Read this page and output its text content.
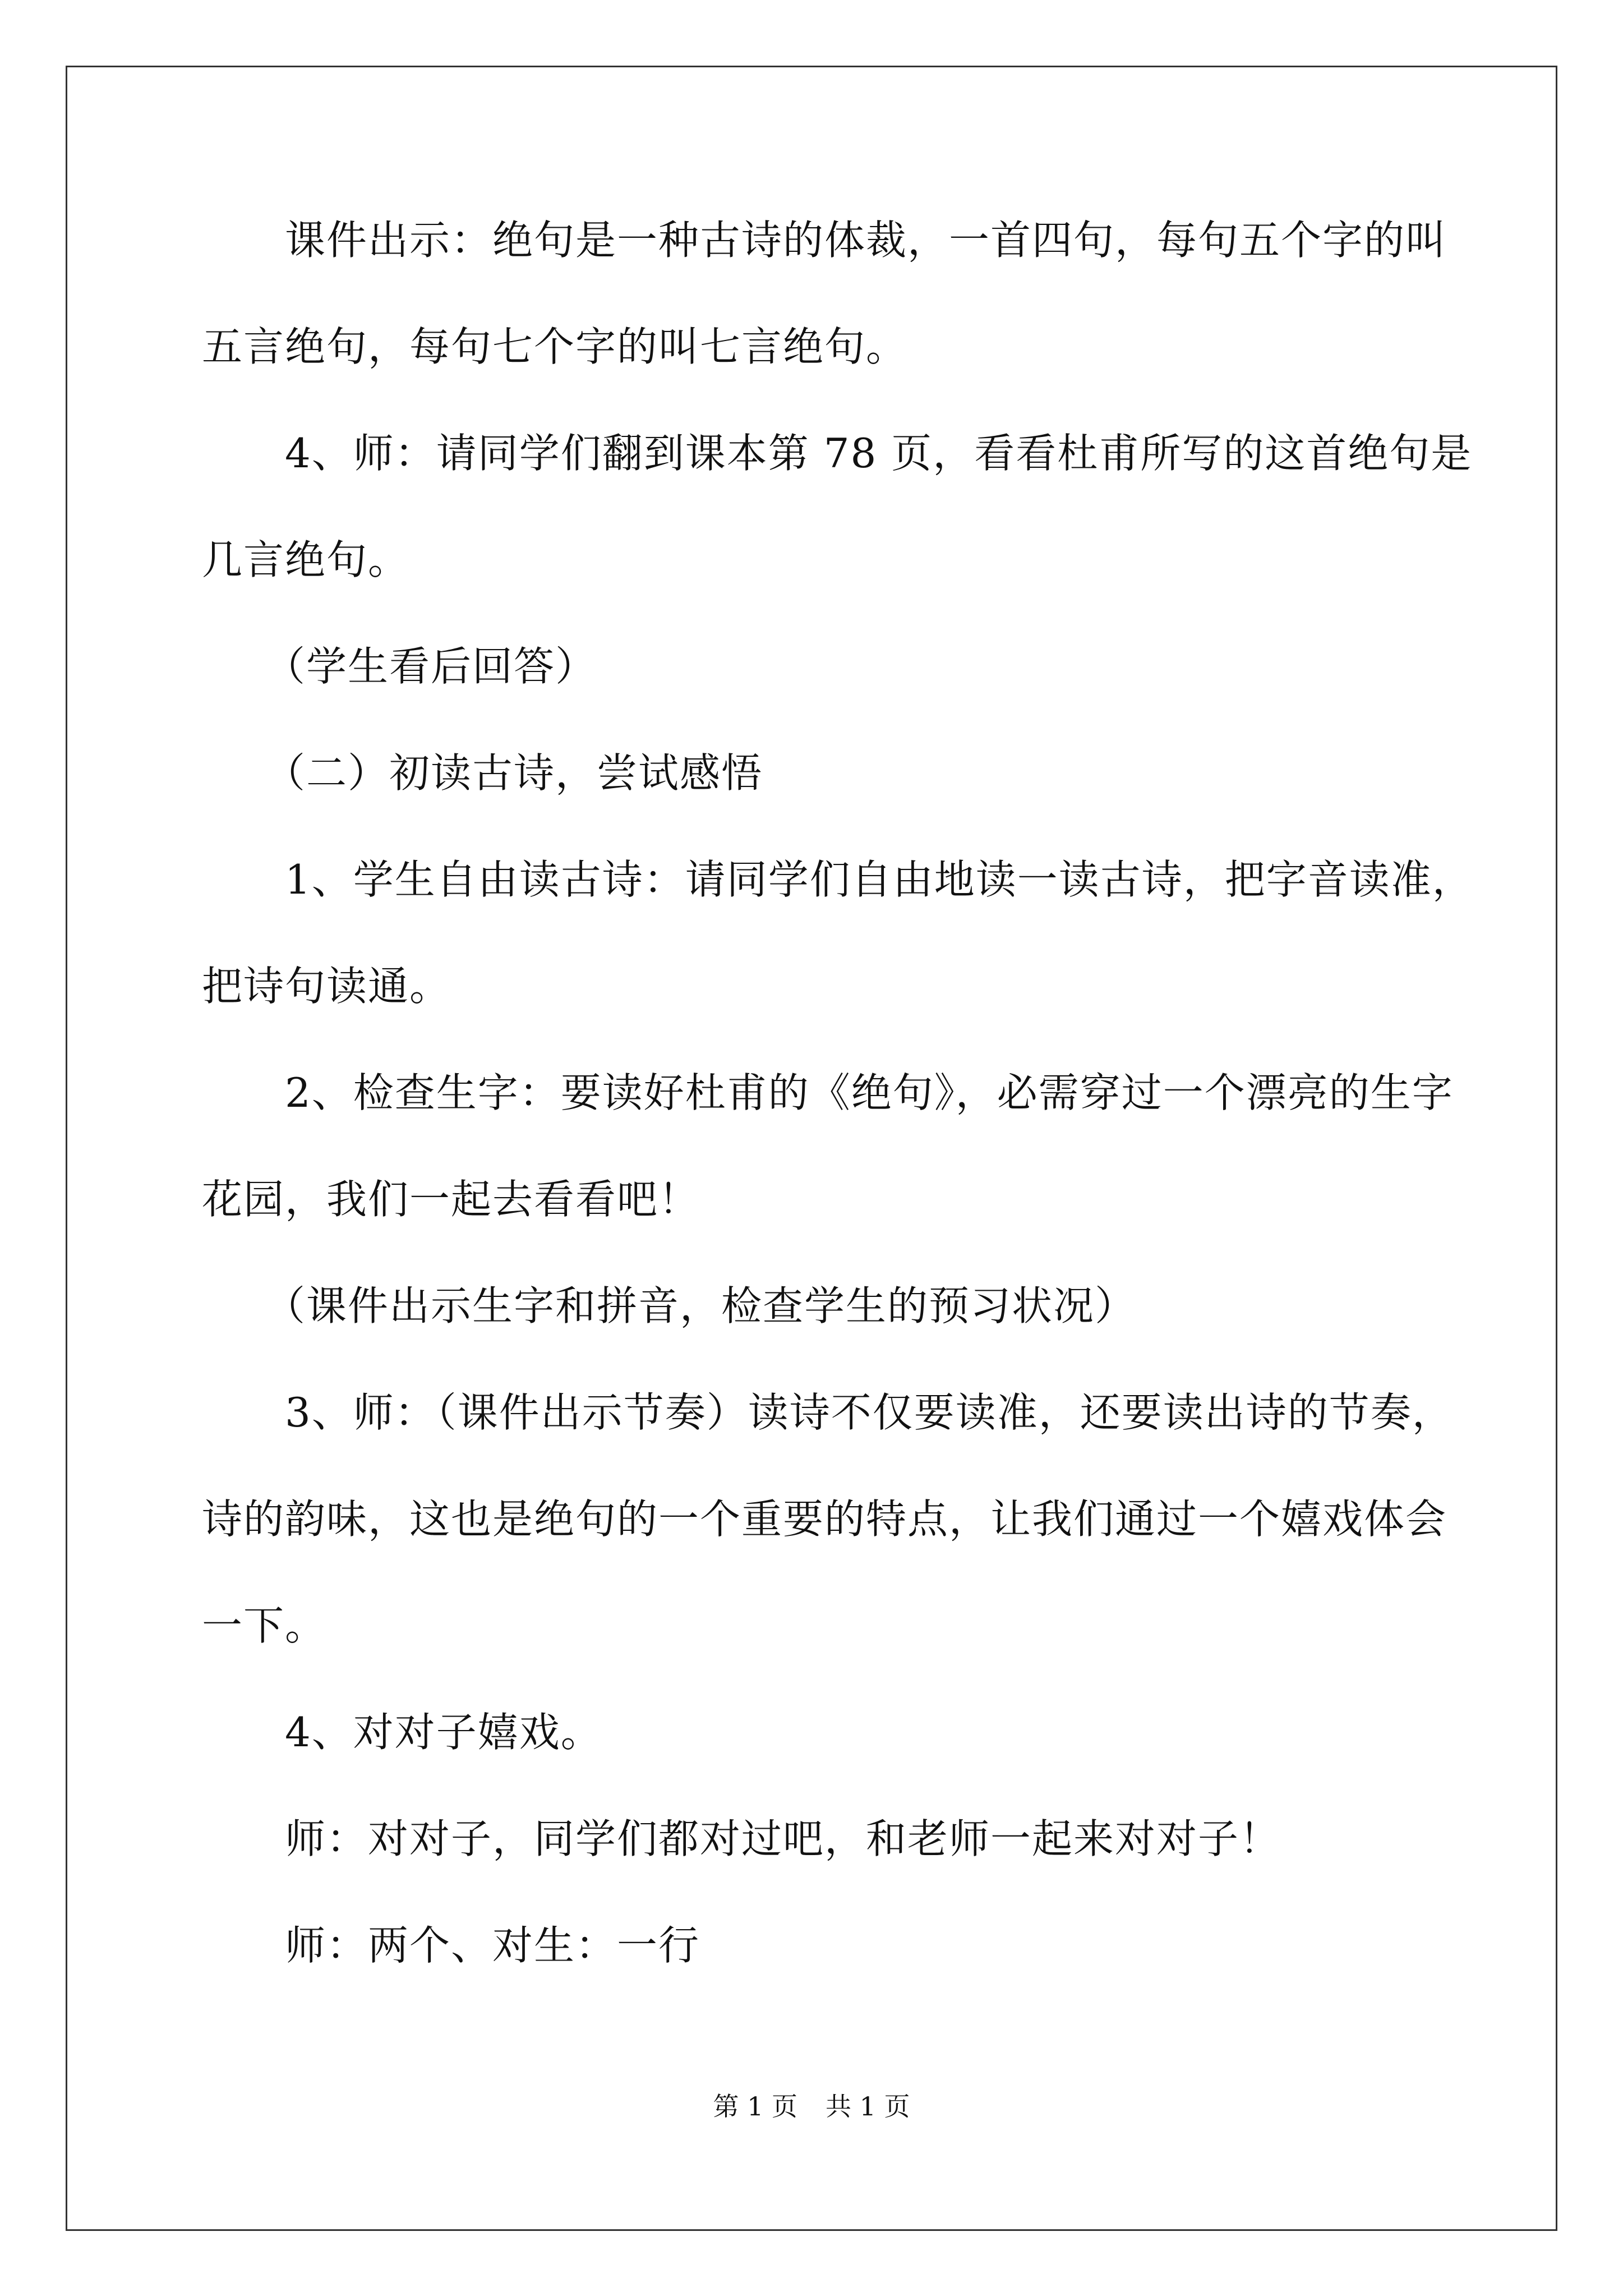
　　课件出示：绝句是一种古诗的体裁，一首四句，每句五个字的叫
五言绝句，每句七个字的叫七言绝句。
　　4、师：请同学们翻到课本第 78 页，看看杜甫所写的这首绝句是
几言绝句。
　　（学生看后回答）
　　（二）初读古诗，尝试感悟
　　1、学生自由读古诗：请同学们自由地读一读古诗，把字音读准，
把诗句读通。
　　2、检查生字：要读好杜甫的《绝句》，必需穿过一个漂亮的生字
花园，我们一起去看看吧！
　　（课件出示生字和拼音，检查学生的预习状况）
　　3、师：（课件出示节奏）读诗不仅要读准，还要读出诗的节奏，
诗的韵味，这也是绝句的一个重要的特点，让我们通过一个嬉戏体会
一下。
　　4、对对子嬉戏。
　　师：对对子，同学们都对过吧，和老师一起来对对子！
　　师：两个、对生：一行
第 1 页 共 1 页
